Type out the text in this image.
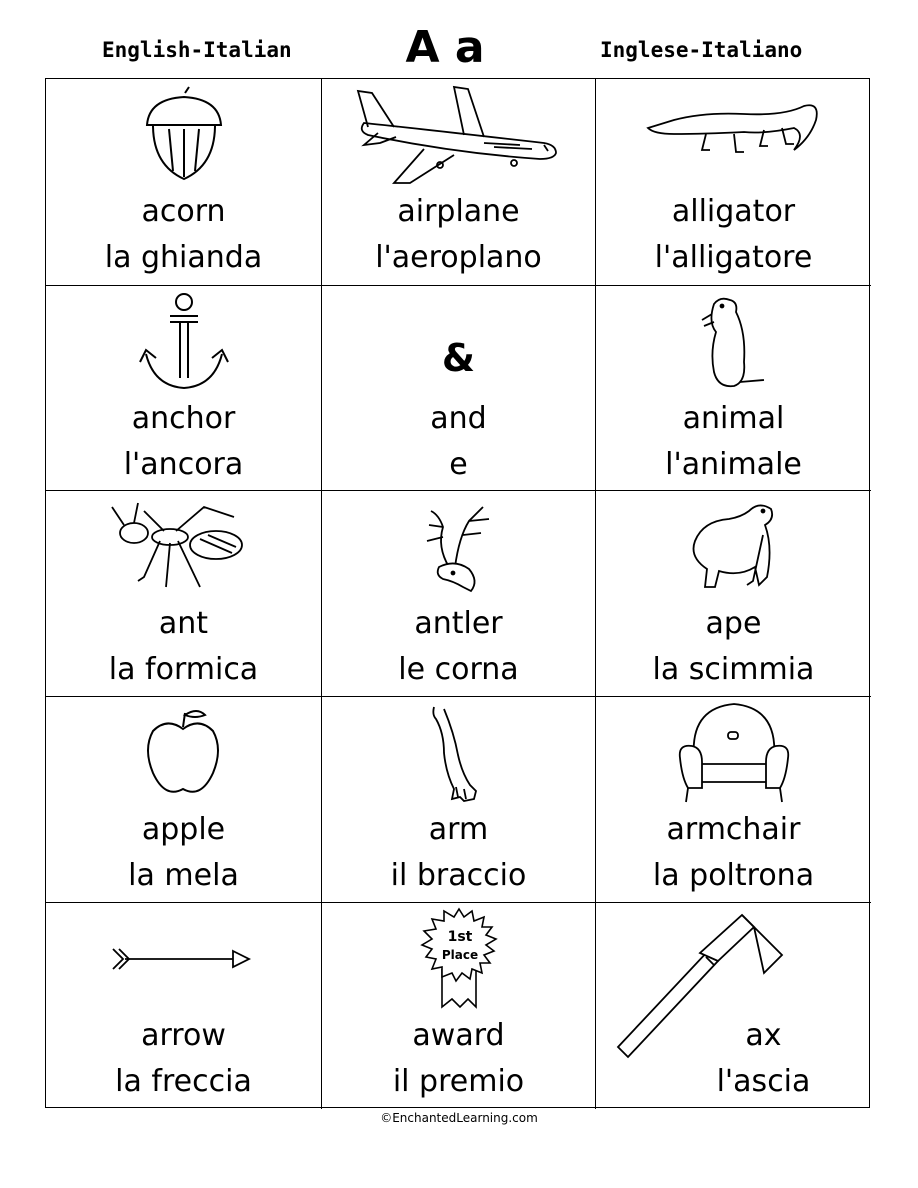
English-Italian	A a	Inglese-Italiano
acorn
la ghianda
airplane
l'aeroplano
alligator
l'alligatore
anchor
l'ancora
&
and
e
animal
l'animale
ant
la formica
antler
le corna
ape
la scimmia
apple
la mela
arm
il braccio
armchair
la poltrona
arrow
la freccia
1st
Place
award
il premio
ax
l'ascia
©EnchantedLearning.com
